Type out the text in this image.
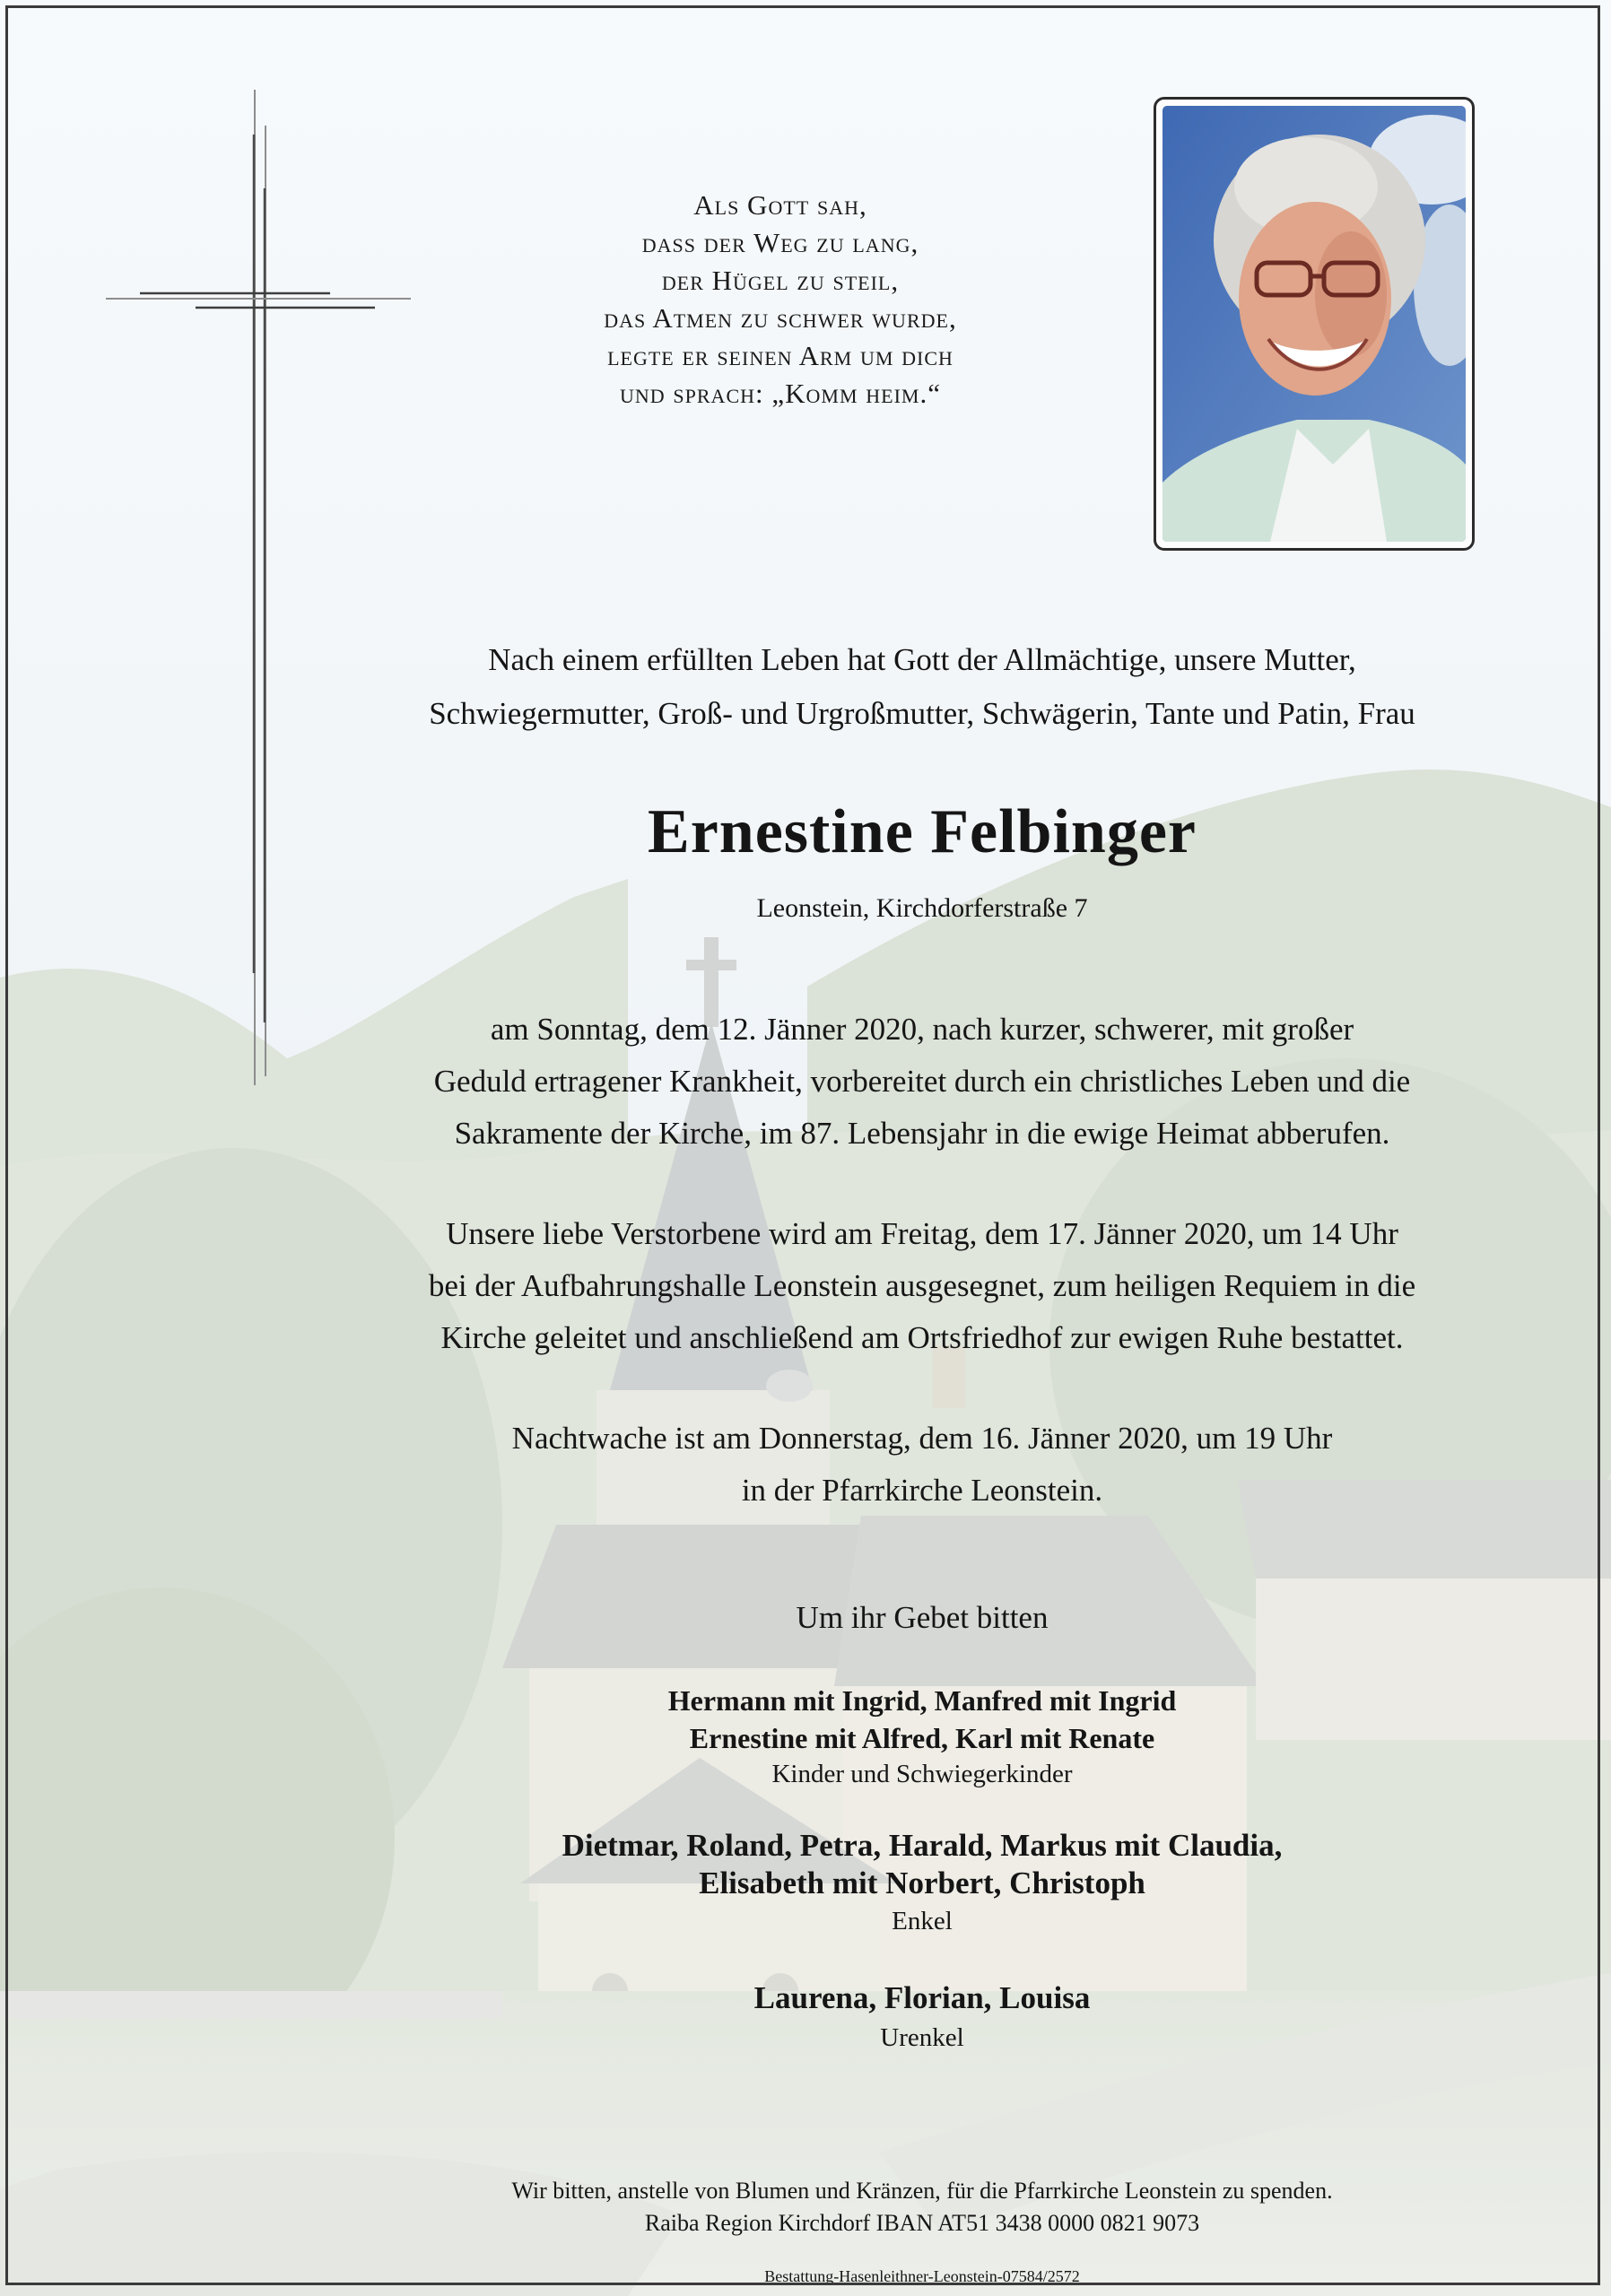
Als Gott sah,
dass der Weg zu lang,
der Hügel zu steil,
das Atmen zu schwer wurde,
legte er seinen Arm um dich
und sprach: „Komm heim.“
Nach einem erfüllten Leben hat Gott der Allmächtige, unsere Mutter,
Schwiegermutter, Groß- und Urgroßmutter, Schwägerin, Tante und Patin, Frau
Ernestine Felbinger
Leonstein, Kirchdorferstraße 7
am Sonntag, dem 12. Jänner 2020, nach kurzer, schwerer, mit großer
Geduld ertragener Krankheit, vorbereitet durch ein christliches Leben und die
Sakramente der Kirche, im 87. Lebensjahr in die ewige Heimat abberufen.
Unsere liebe Verstorbene wird am Freitag, dem 17. Jänner 2020, um 14 Uhr
bei der Aufbahrungshalle Leonstein ausgesegnet, zum heiligen Requiem in die
Kirche geleitet und anschließend am Ortsfriedhof zur ewigen Ruhe bestattet.
Nachtwache ist am Donnerstag, dem 16. Jänner 2020, um 19 Uhr
in der Pfarrkirche Leonstein.
Um ihr Gebet bitten
Hermann mit Ingrid, Manfred mit Ingrid
Ernestine mit Alfred, Karl mit Renate
Kinder und Schwiegerkinder
Dietmar, Roland, Petra, Harald, Markus mit Claudia,
Elisabeth mit Norbert, Christoph
Enkel
Laurena, Florian, Louisa
Urenkel
Wir bitten, anstelle von Blumen und Kränzen, für die Pfarrkirche Leonstein zu spenden.
Raiba Region Kirchdorf IBAN AT51 3438 0000 0821 9073
Bestattung-Hasenleithner-Leonstein-07584/2572
